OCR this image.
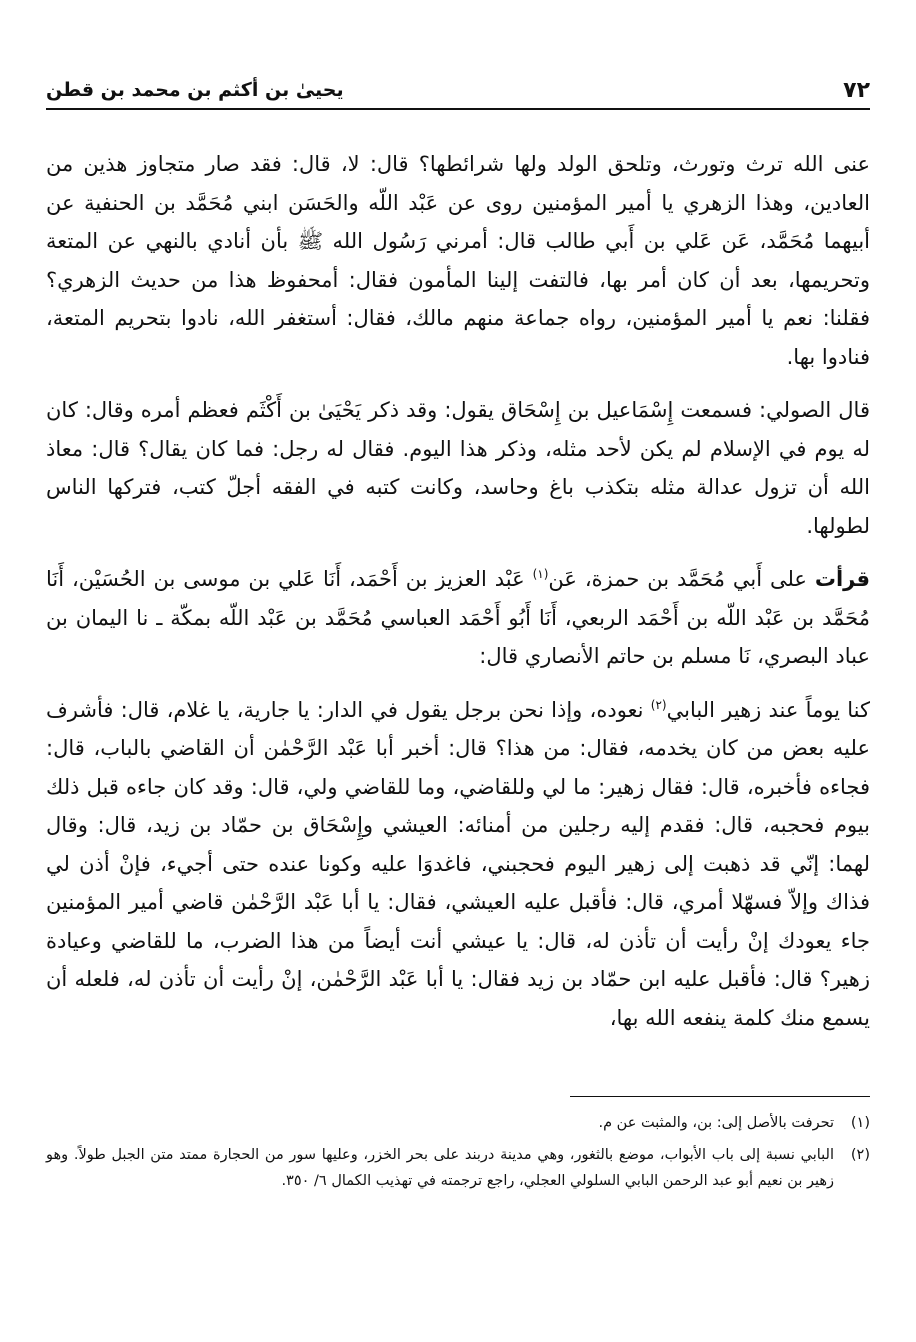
٧٢
يحيىٰ بن أكثم بن محمد بن قطن

عنى الله ترث وتورث، وتلحق الولد ولها شرائطها؟ قال: لا، قال: فقد صار متجاوز هذين من العادين، وهذا الزهري يا أمير المؤمنين روى عن عَبْد اللّه والحَسَن ابني مُحَمَّد بن الحنفية عن أبيهما مُحَمَّد، عَن عَلي بن أَبي طالب قال: أمرني رَسُول الله ﷺ بأن أنادي بالنهي عن المتعة وتحريمها، بعد أن كان أمر بها، فالتفت إلينا المأمون فقال: أمحفوظ هذا من حديث الزهري؟ فقلنا: نعم يا أمير المؤمنين، رواه جماعة منهم مالك، فقال: أستغفر الله، نادوا بتحريم المتعة، فنادوا بها.

قال الصولي: فسمعت إِسْمَاعيل بن إِسْحَاق يقول: وقد ذكر يَحْيَىٰ بن أَكْثَم فعظم أمره وقال: كان له يوم في الإسلام لم يكن لأحد مثله، وذكر هذا اليوم. فقال له رجل: فما كان يقال؟ قال: معاذ الله أن تزول عدالة مثله بتكذب باغ وحاسد، وكانت كتبه في الفقه أجلّ كتب، فتركها الناس لطولها.

قرأت على أَبي مُحَمَّد بن حمزة، عَن$^{(١)}$ عَبْد العزيز بن أَحْمَد، أَنَا عَلي بن موسى بن الحُسَيْن، أَنَا مُحَمَّد بن عَبْد اللّه بن أَحْمَد الربعي، أَنَا أَبُو أَحْمَد العباسي مُحَمَّد بن عَبْد اللّه بمكّة ـ نا اليمان بن عباد البصري، نَا مسلم بن حاتم الأنصاري قال:

كنا يوماً عند زهير البابي$^{(٢)}$ نعوده، وإذا نحن برجل يقول في الدار: يا جارية، يا غلام، قال: فأشرف عليه بعض من كان يخدمه، فقال: من هذا؟ قال: أخبر أبا عَبْد الرَّحْمٰن أن القاضي بالباب، قال: فجاءه فأخبره، قال: فقال زهير: ما لي وللقاضي، وما للقاضي ولي، قال: وقد كان جاءه قبل ذلك بيوم فحجبه، قال: فقدم إليه رجلين من أمنائه: العيشي وإِسْحَاق بن حمّاد بن زيد، قال: وقال لهما: إنّي قد ذهبت إلى زهير اليوم فحجبني، فاغدوَا عليه وكونا عنده حتى أجيء، فإنْ أذن لي فذاك وإلاّ فسهّلا أمري، قال: فأقبل عليه العيشي، فقال: يا أبا عَبْد الرَّحْمٰن قاضي أمير المؤمنين جاء يعودك إنْ رأيت أن تأذن له، قال: يا عيشي أنت أيضاً من هذا الضرب، ما للقاضي وعيادة زهير؟ قال: فأقبل عليه ابن حمّاد بن زيد فقال: يا أبا عَبْد الرَّحْمٰن، إنْ رأيت أن تأذن له، فلعله أن يسمع منك كلمة ينفعه الله بها،

(١)
تحرفت بالأصل إلى: بن، والمثبت عن م.
(٢)
البابي نسبة إلى باب الأبواب، موضع بالثغور، وهي مدينة دربند على بحر الخزر، وعليها سور من الحجارة ممتد متن الجبل طولاً. وهو زهير بن نعيم أبو عبد الرحمن البابي السلولي العجلي، راجع ترجمته في تهذيب الكمال ٦/ ٣٥٠.
